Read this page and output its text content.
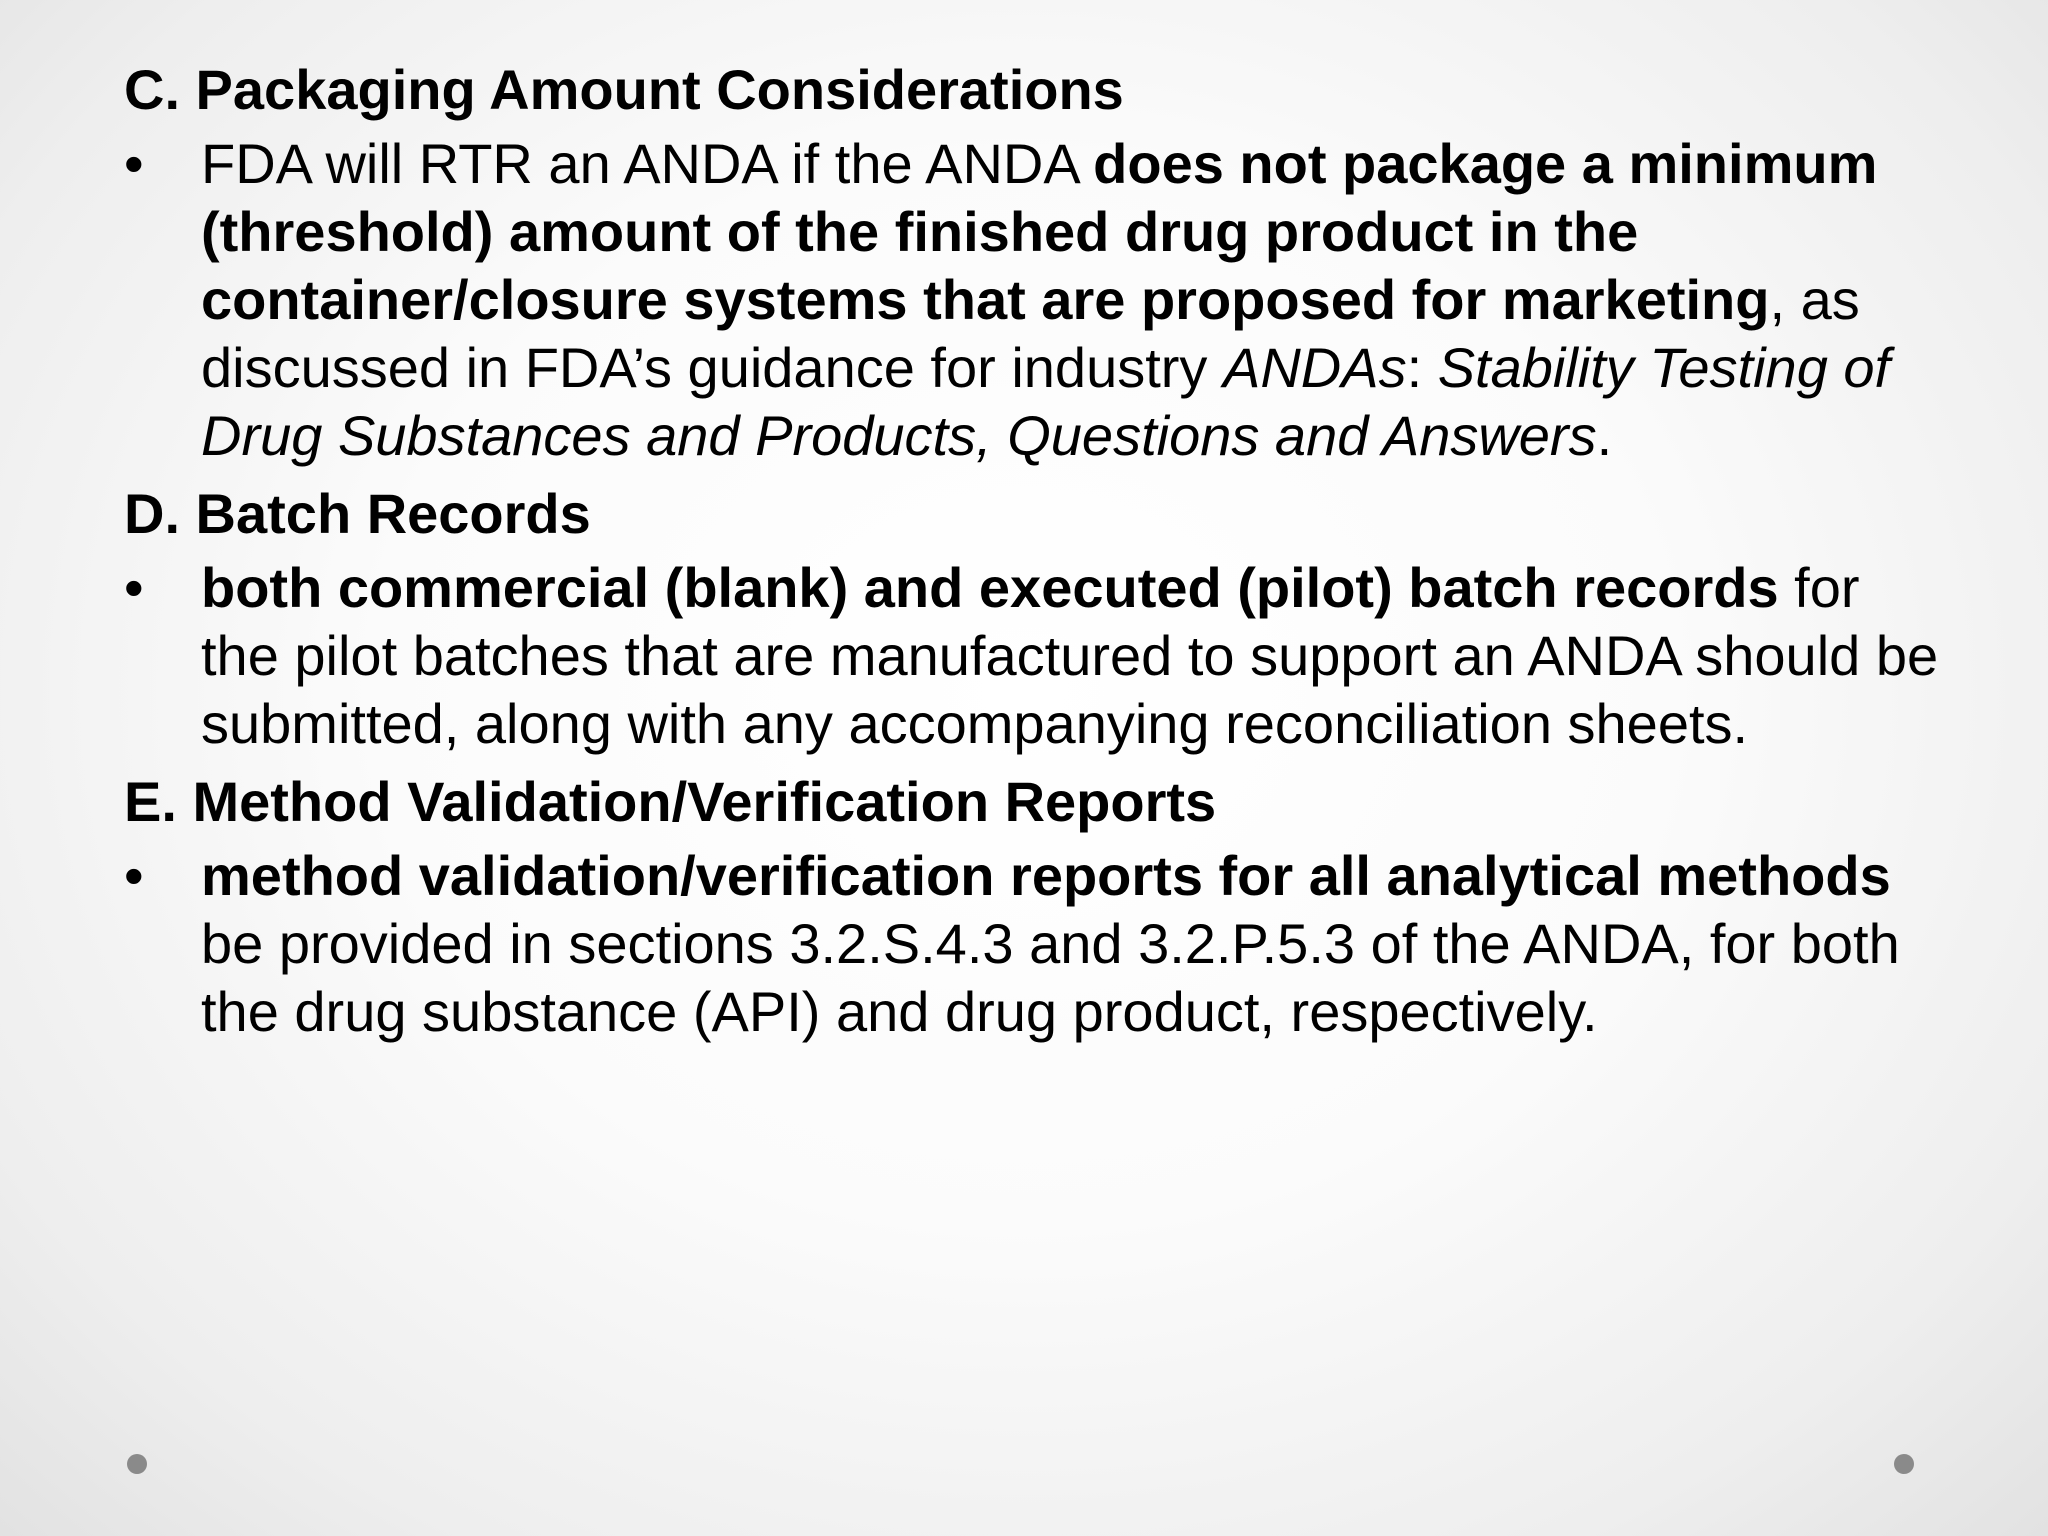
C. Packaging Amount Considerations
•	FDA will RTR an ANDA if the ANDA does not package a minimum (threshold) amount of the finished drug product in the container/closure systems that are proposed for marketing, as discussed in FDA’s guidance for industry ANDAs: Stability Testing of Drug Substances and Products, Questions and Answers.
D. Batch Records
•	both commercial (blank) and executed (pilot) batch records for the pilot batches that are manufactured to support an ANDA should be submitted, along with any accompanying reconciliation sheets.
E. Method Validation/Verification Reports
•	method validation/verification reports for all analytical methods be provided in sections 3.2.S.4.3 and 3.2.P.5.3 of the ANDA, for both the drug substance (API) and drug product, respectively.
